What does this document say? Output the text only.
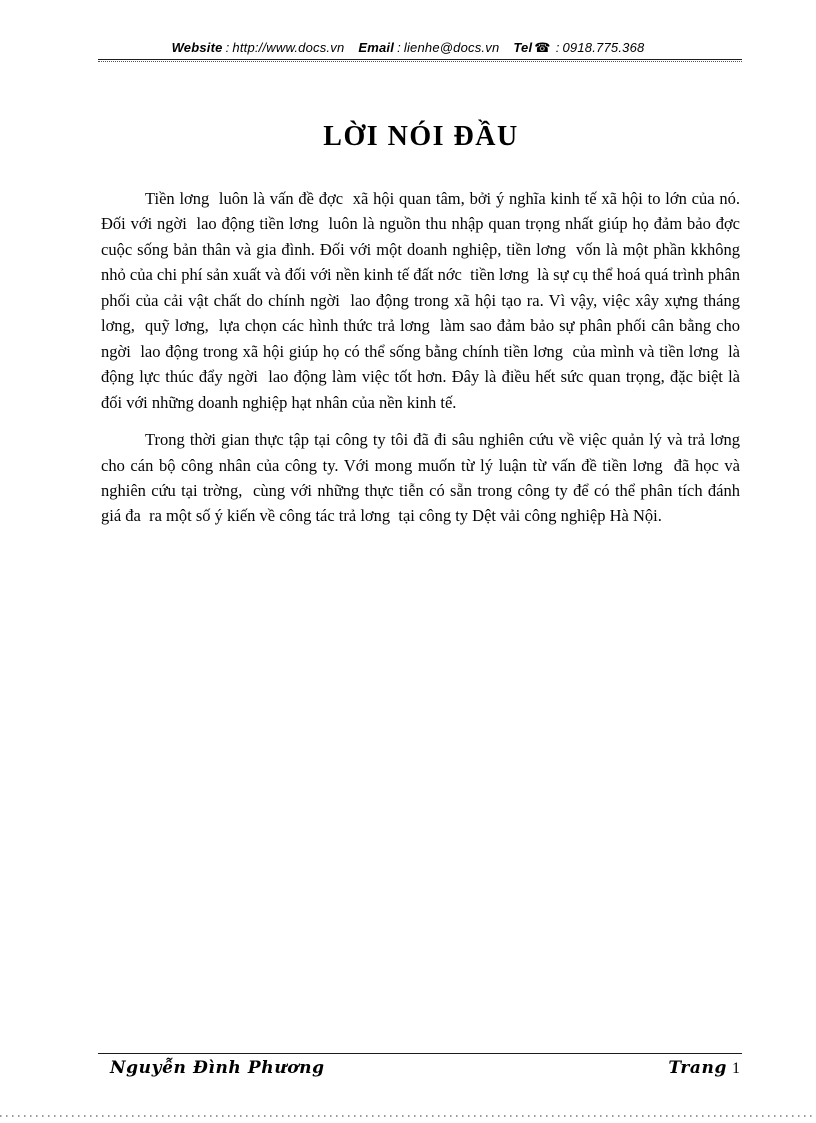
Website : http://www.docs.vn Email : lienhe@docs.vn Tel ☎ : 0918.775.368
LỜI NÓI ĐẦU

Tiền lơng  luôn là vấn đề đợc  xã hội quan tâm, bởi ý nghĩa kinh tế xã hội to lớn của nó. Đối với ngời  lao động tiền lơng  luôn là nguồn thu nhập quan trọng nhất giúp họ đảm bảo đợc  cuộc sống bản thân và gia đình. Đối với một doanh nghiệp, tiền lơng  vốn là một phần kkhông nhỏ của chi phí sản xuất và đối với nền kinh tế đất nớc  tiền lơng  là sự cụ thể hoá quá trình phân phối của cải vật chất do chính ngời  lao động trong xã hội tạo ra. Vì vậy, việc xây xựng tháng lơng,  quỹ lơng,  lựa chọn các hình thức trả lơng  làm sao đảm bảo sự phân phối cân bằng cho ngời  lao động trong xã hội giúp họ có thể sống bằng chính tiền lơng  của mình và tiền lơng  là động lực thúc đẩy ngời  lao động làm việc tốt hơn. Đây là điều hết sức quan trọng, đặc biệt là đối với những doanh nghiệp hạt nhân của nền kinh tế.

Trong thời gian thực tập tại công ty tôi đã đi sâu nghiên cứu về việc quản lý và trả lơng  cho cán bộ công nhân của công ty. Với mong muốn từ lý luận từ vấn đề tiền lơng  đã học và nghiên cứu tại trờng,  cùng với những thực tiễn có sẵn trong công ty để có thể phân tích đánh giá đa  ra một số ý kiến về công tác trả lơng  tại công ty Dệt vải công nghiệp Hà Nội.

Nguyễn Đình Phương	Trang 1
